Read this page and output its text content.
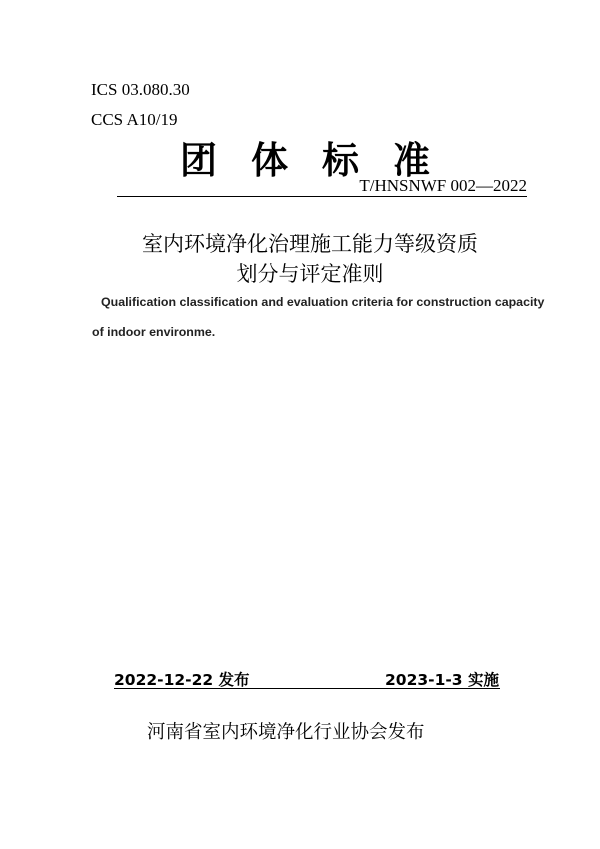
ICS 03.080.30
CCS A10/19
团体标准
T/HNSNWF 002—2022
室内环境净化治理施工能力等级资质
划分与评定准则
Qualification classification and evaluation criteria for construction capacity
of indoor environme.
2022-12-22 发布	2023-1-3 实施
河南省室内环境净化行业协会发布
